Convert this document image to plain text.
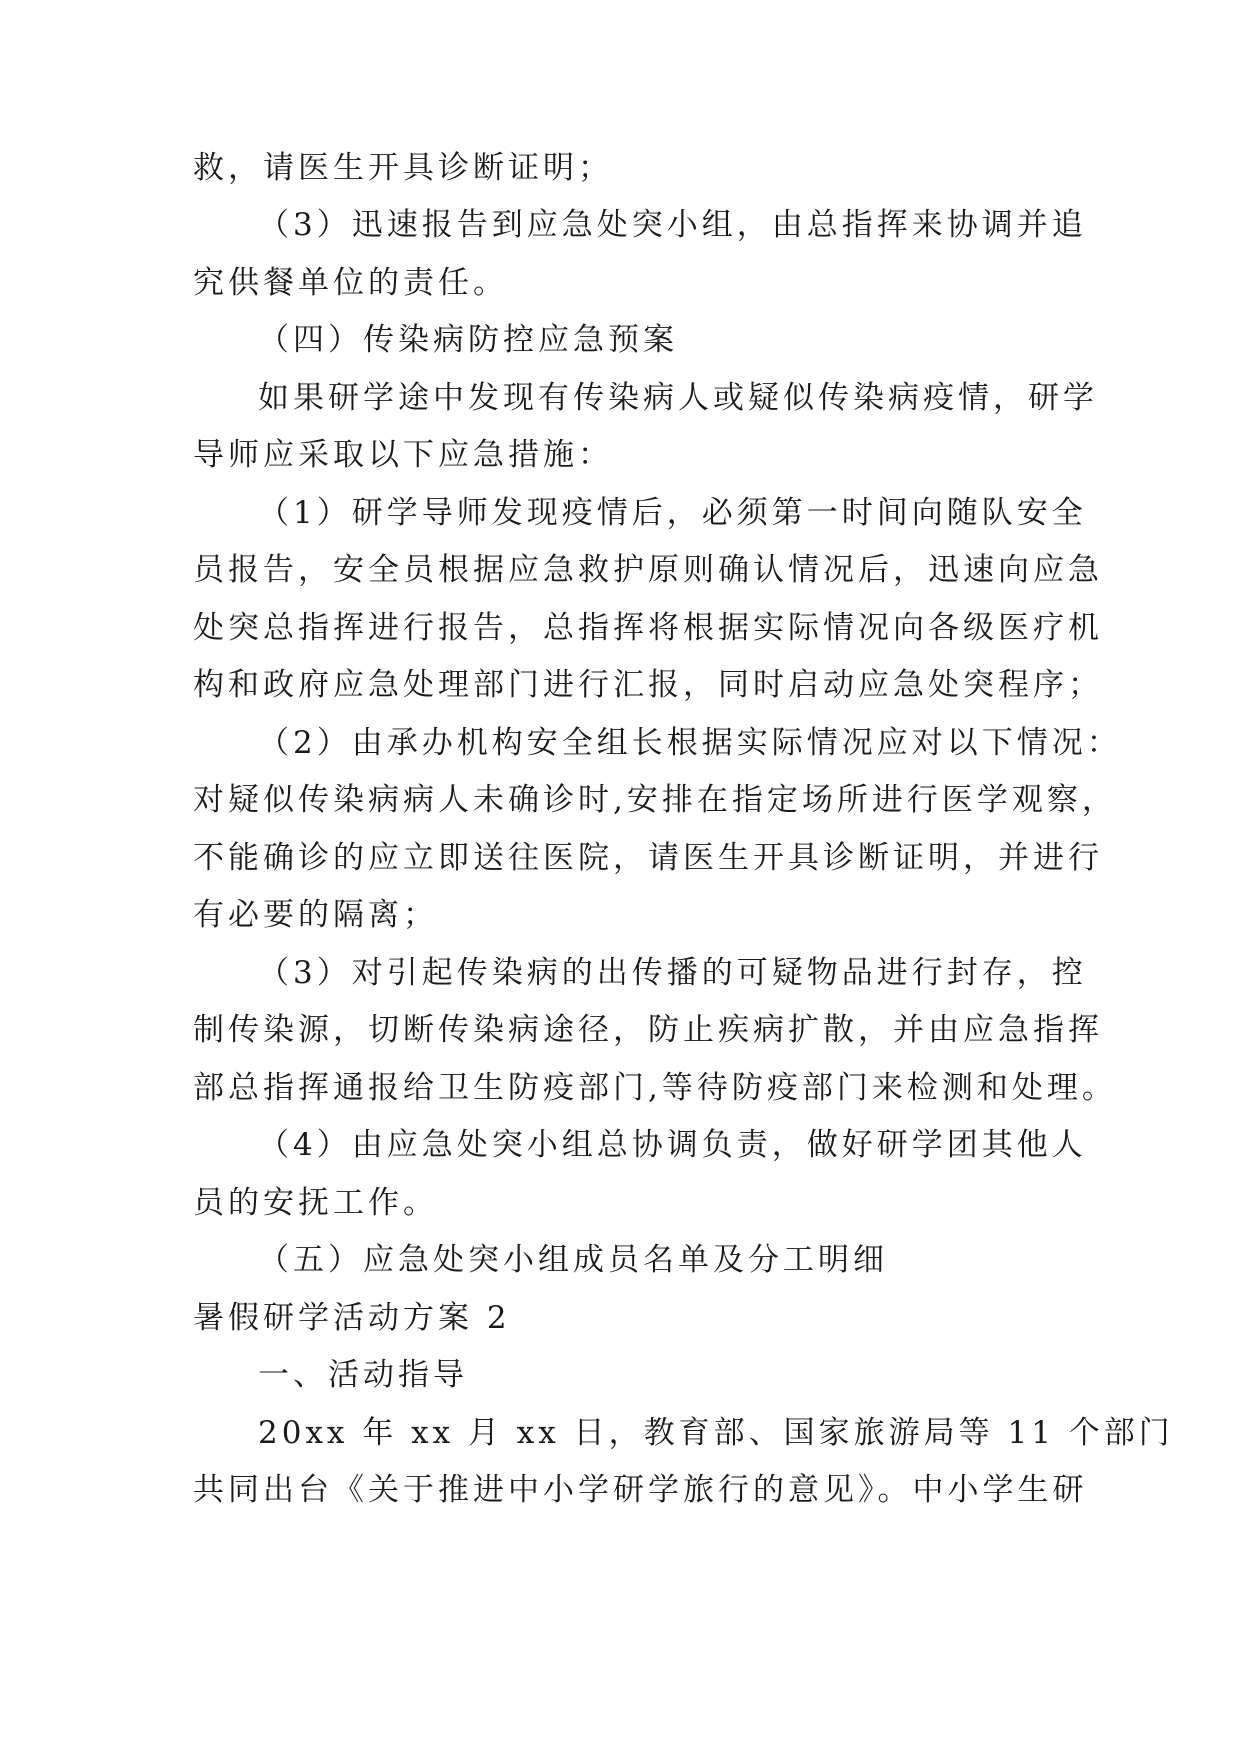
救，请医生开具诊断证明；
（3）迅速报告到应急处突小组，由总指挥来协调并追
究供餐单位的责任。
（四）传染病防控应急预案
如果研学途中发现有传染病人或疑似传染病疫情，研学
导师应采取以下应急措施：
（1）研学导师发现疫情后，必须第一时间向随队安全
员报告，安全员根据应急救护原则确认情况后，迅速向应急
处突总指挥进行报告，总指挥将根据实际情况向各级医疗机
构和政府应急处理部门进行汇报，同时启动应急处突程序；
（2）由承办机构安全组长根据实际情况应对以下情况：
对疑似传染病病人未确诊时,安排在指定场所进行医学观察，
不能确诊的应立即送往医院，请医生开具诊断证明，并进行
有必要的隔离；
（3）对引起传染病的出传播的可疑物品进行封存，控
制传染源，切断传染病途径，防止疾病扩散，并由应急指挥
部总指挥通报给卫生防疫部门,等待防疫部门来检测和处理。
（4）由应急处突小组总协调负责，做好研学团其他人
员的安抚工作。
（五）应急处突小组成员名单及分工明细
暑假研学活动方案 2
一、活动指导
20xx 年 xx 月 xx 日，教育部、国家旅游局等 11 个部门
共同出台《关于推进中小学研学旅行的意见》。中小学生研
